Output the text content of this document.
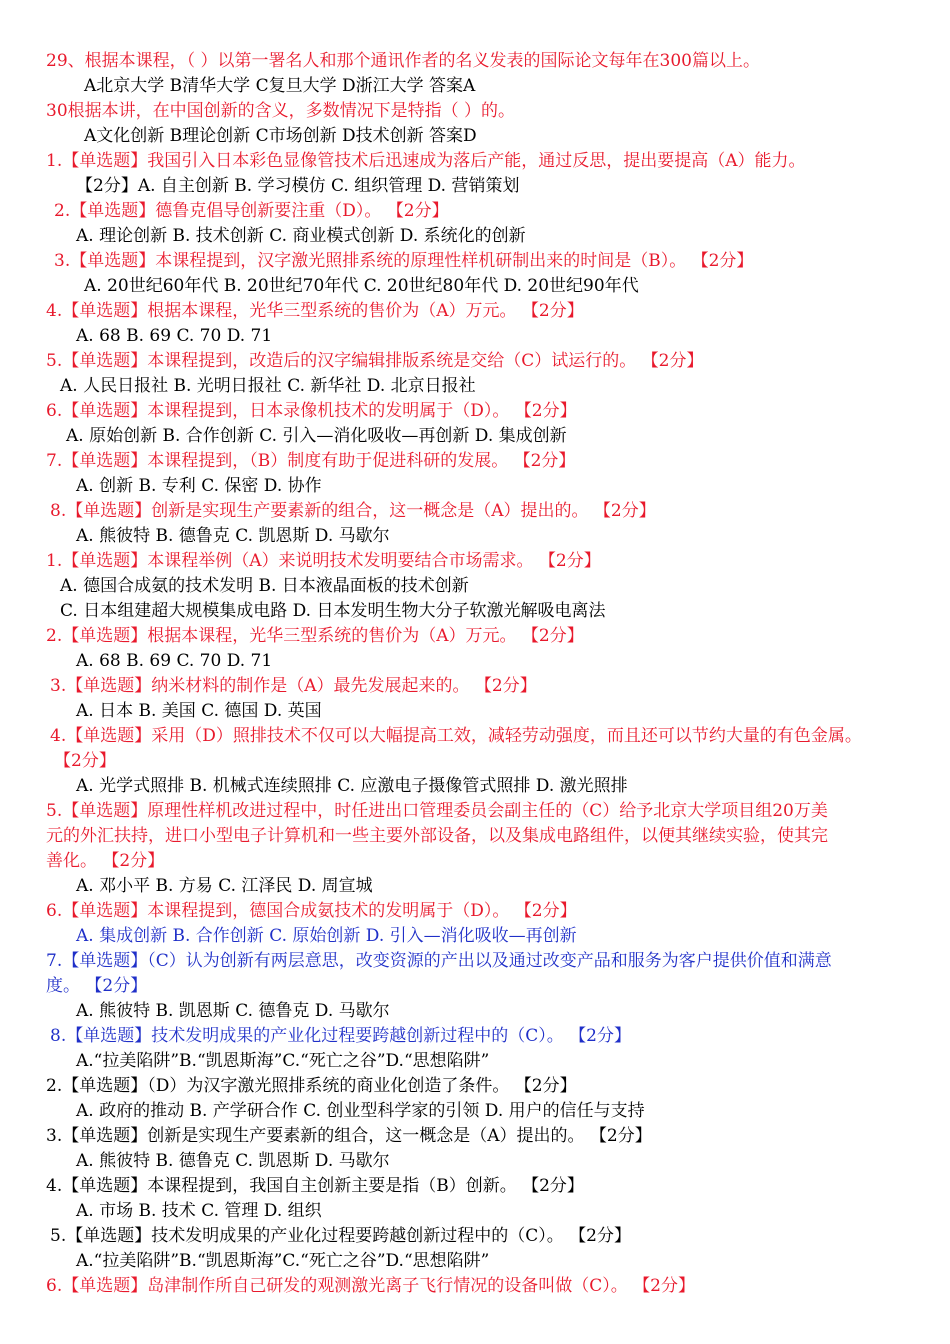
29、根据本课程，（ ）以第一署名人和那个通讯作者的名义发表的国际论文每年在300篇以上。
A北京大学 B清华大学 C复旦大学 D浙江大学 答案A
30根据本讲，在中国创新的含义，多数情况下是特指（ ）的。
A文化创新 B理论创新 C市场创新 D技术创新 答案D
1.【单选题】我国引入日本彩色显像管技术后迅速成为落后产能，通过反思，提出要提高（A）能力。
【2分】A. 自主创新 B. 学习模仿 C. 组织管理 D. 营销策划
2.【单选题】德鲁克倡导创新要注重（D）。 【2分】
A. 理论创新 B. 技术创新 C. 商业模式创新 D. 系统化的创新
3.【单选题】本课程提到，汉字激光照排系统的原理性样机研制出来的时间是（B）。 【2分】
A. 20世纪60年代 B. 20世纪70年代 C. 20世纪80年代 D. 20世纪90年代
4.【单选题】根据本课程，光华三型系统的售价为（A）万元。 【2分】
A. 68 B. 69 C. 70 D. 71
5.【单选题】本课程提到，改造后的汉字编辑排版系统是交给（C）试运行的。 【2分】
A. 人民日报社 B. 光明日报社 C. 新华社 D. 北京日报社
6.【单选题】本课程提到，日本录像机技术的发明属于（D）。 【2分】
A. 原始创新 B. 合作创新 C. 引入—消化吸收—再创新 D. 集成创新
7.【单选题】本课程提到，（B）制度有助于促进科研的发展。 【2分】
A. 创新 B. 专利 C. 保密 D. 协作
8.【单选题】创新是实现生产要素新的组合，这一概念是（A）提出的。 【2分】
A. 熊彼特 B. 德鲁克 C. 凯恩斯 D. 马歇尔
1.【单选题】本课程举例（A）来说明技术发明要结合市场需求。 【2分】
A. 德国合成氨的技术发明 B. 日本液晶面板的技术创新
C. 日本组建超大规模集成电路 D. 日本发明生物大分子软激光解吸电离法
2.【单选题】根据本课程，光华三型系统的售价为（A）万元。 【2分】
A. 68 B. 69 C. 70 D. 71
3.【单选题】纳米材料的制作是（A）最先发展起来的。 【2分】
A. 日本 B. 美国 C. 德国 D. 英国
4.【单选题】采用（D）照排技术不仅可以大幅提高工效，减轻劳动强度，而且还可以节约大量的有色金属。
【2分】
A. 光学式照排 B. 机械式连续照排 C. 应激电子摄像管式照排 D. 激光照排
5.【单选题】原理性样机改进过程中，时任进出口管理委员会副主任的（C）给予北京大学项目组20万美
元的外汇扶持，进口小型电子计算机和一些主要外部设备，以及集成电路组件，以便其继续实验，使其完
善化。 【2分】
A. 邓小平 B. 方易 C. 江泽民 D. 周宣城
6.【单选题】本课程提到，德国合成氨技术的发明属于（D）。 【2分】
A. 集成创新 B. 合作创新 C. 原始创新 D. 引入—消化吸收—再创新
7.【单选题】（C）认为创新有两层意思，改变资源的产出以及通过改变产品和服务为客户提供价值和满意
度。 【2分】
A. 熊彼特 B. 凯恩斯 C. 德鲁克 D. 马歇尔
8.【单选题】技术发明成果的产业化过程要跨越创新过程中的（C）。 【2分】
A.“拉美陷阱”B.“凯恩斯海”C.“死亡之谷”D.“思想陷阱”
2.【单选题】（D）为汉字激光照排系统的商业化创造了条件。 【2分】
A. 政府的推动 B. 产学研合作 C. 创业型科学家的引领 D. 用户的信任与支持
3.【单选题】创新是实现生产要素新的组合，这一概念是（A）提出的。 【2分】
A. 熊彼特 B. 德鲁克 C. 凯恩斯 D. 马歇尔
4.【单选题】本课程提到，我国自主创新主要是指（B）创新。 【2分】
A. 市场 B. 技术 C. 管理 D. 组织
5.【单选题】技术发明成果的产业化过程要跨越创新过程中的（C）。 【2分】
A.“拉美陷阱”B.“凯恩斯海”C.“死亡之谷”D.“思想陷阱”
6.【单选题】岛津制作所自己研发的观测激光离子飞行情况的设备叫做（C）。 【2分】
